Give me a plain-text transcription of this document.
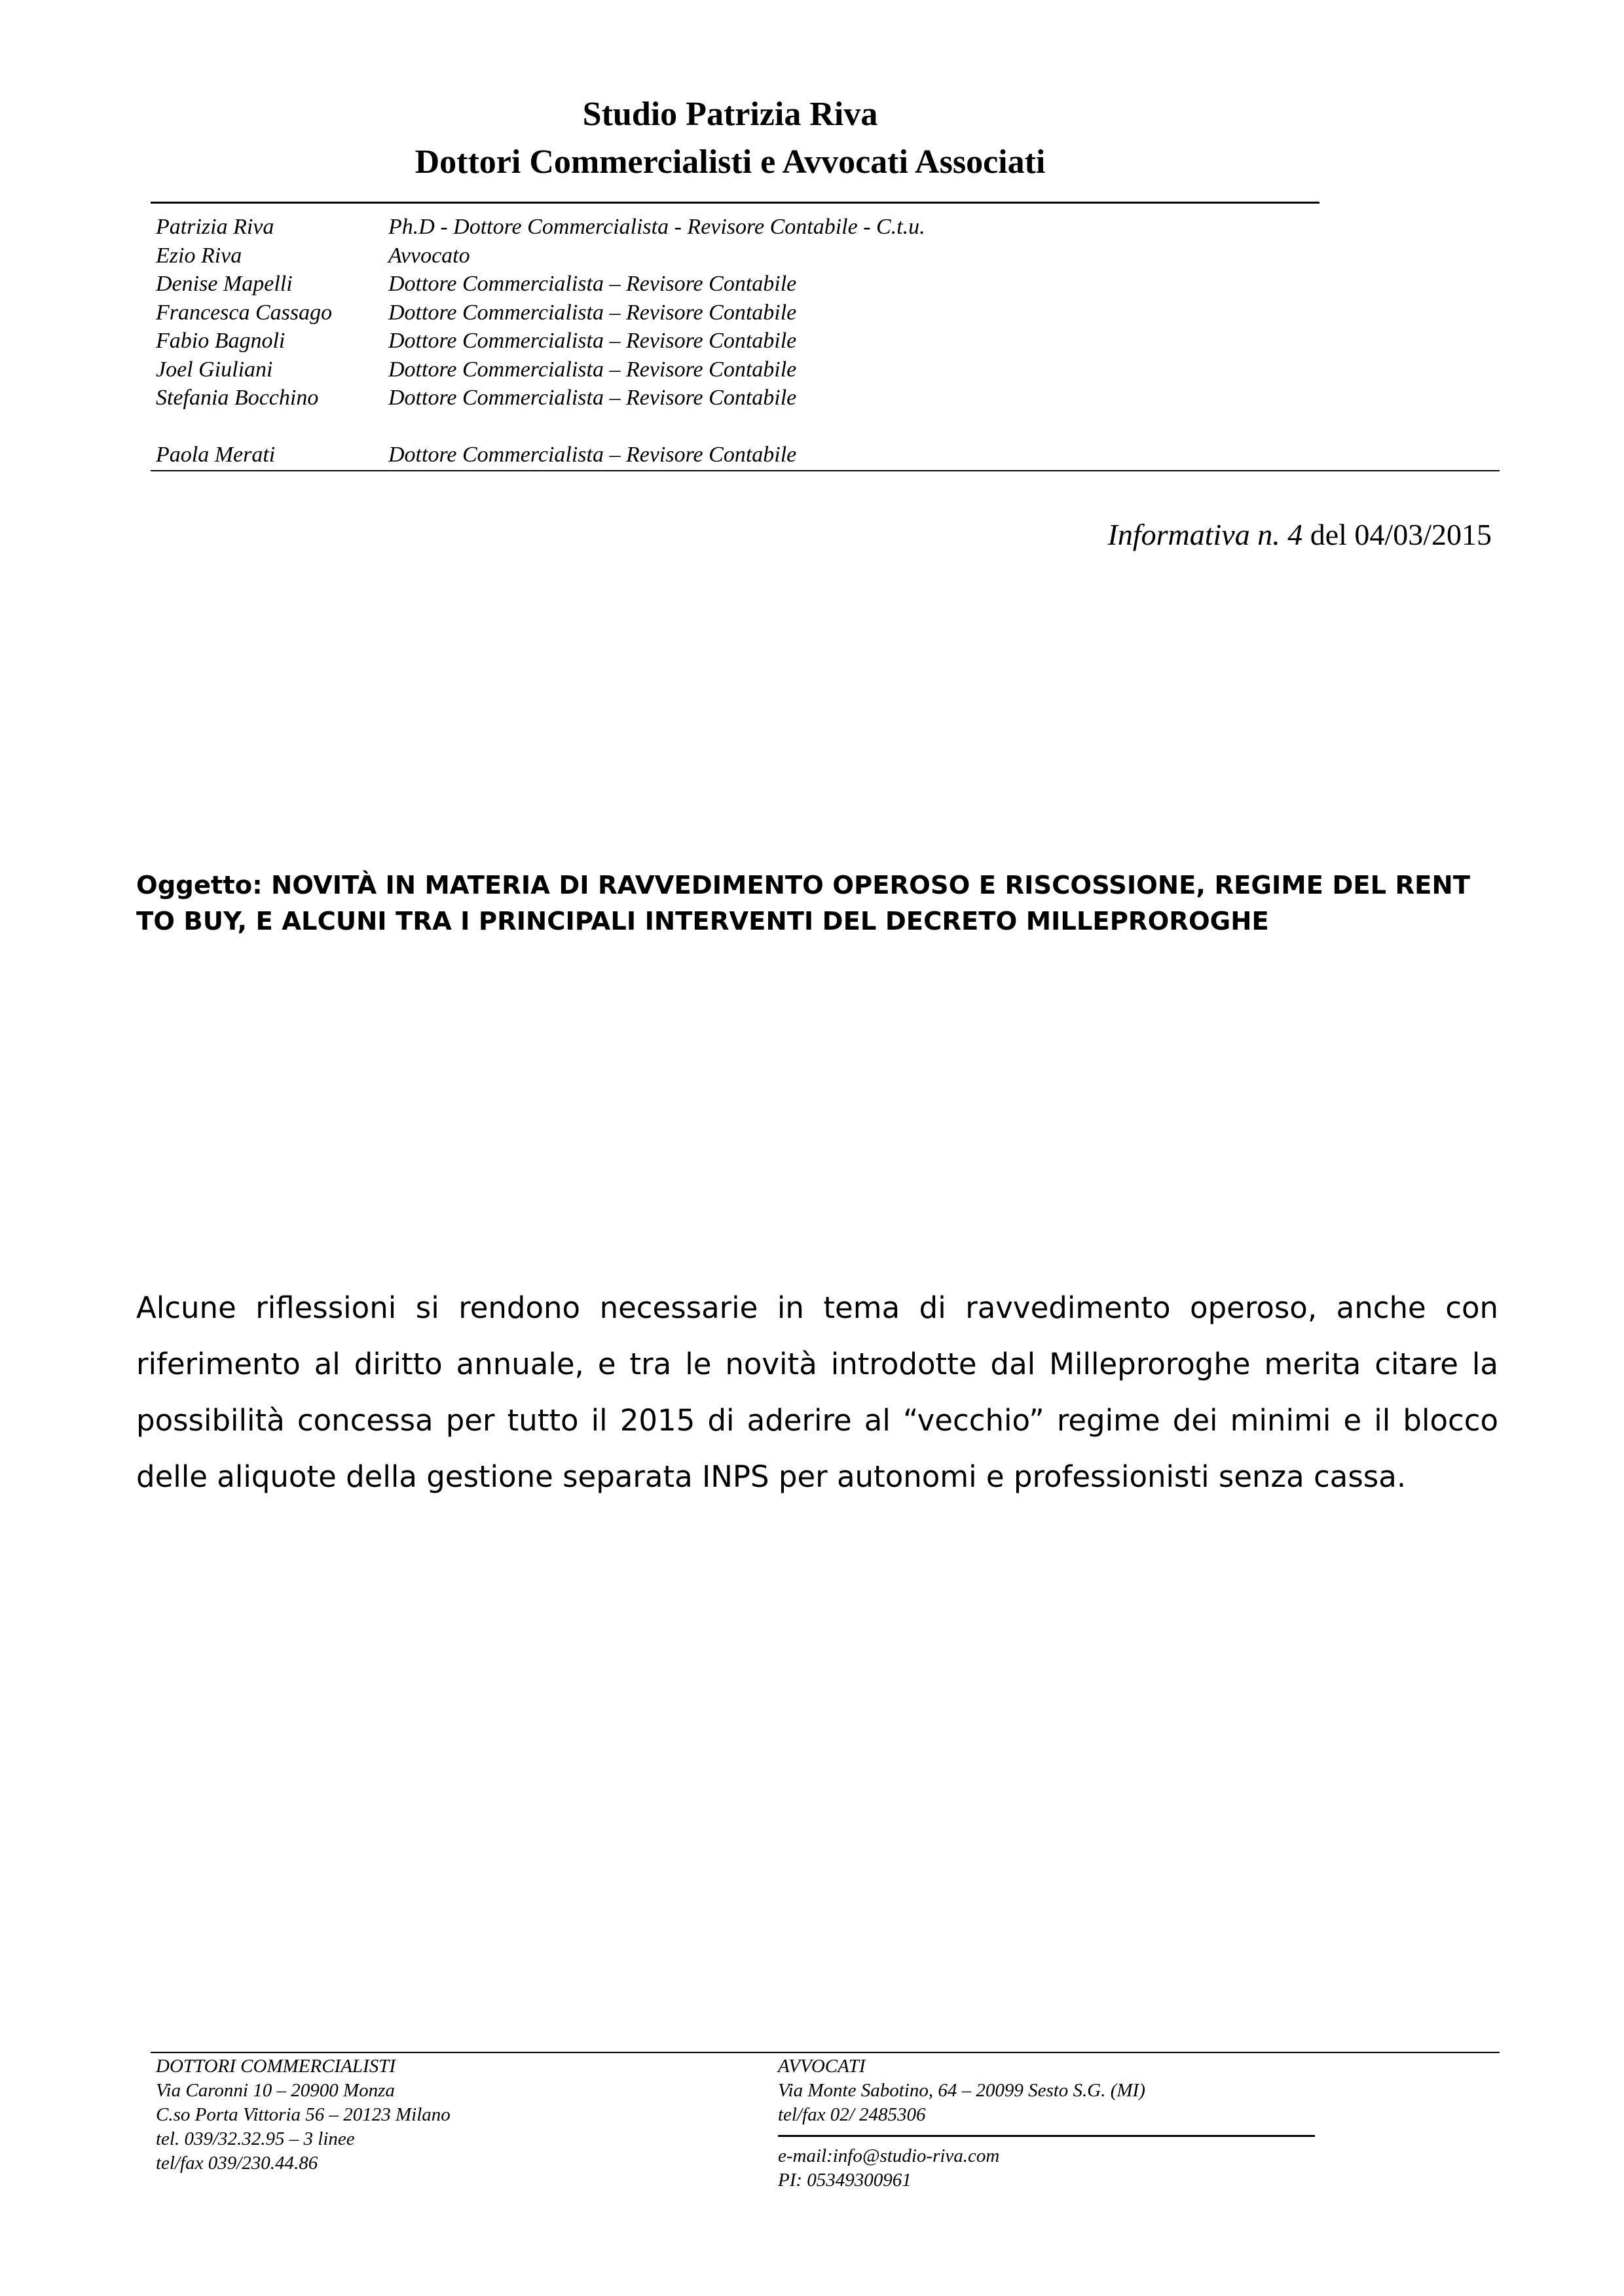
Studio Patrizia Riva
Dottori Commercialisti e Avvocati Associati
Patrizia Riva	Ph.D - Dottore Commercialista - Revisore Contabile - C.t.u.
Ezio Riva	Avvocato
Denise Mapelli	Dottore Commercialista – Revisore Contabile
Francesca Cassago	Dottore Commercialista – Revisore Contabile
Fabio Bagnoli	Dottore Commercialista – Revisore Contabile
Joel Giuliani	Dottore Commercialista – Revisore Contabile
Stefania Bocchino	Dottore Commercialista – Revisore Contabile
Paola Merati	Dottore Commercialista – Revisore Contabile
Informativa n. 4 del 04/03/2015
Oggetto: NOVITÀ IN MATERIA DI RAVVEDIMENTO OPEROSO E RISCOSSIONE, REGIME DEL RENT TO BUY, E ALCUNI TRA I PRINCIPALI INTERVENTI DEL DECRETO MILLEPROROGHE
Alcune riflessioni si rendono necessarie in tema di ravvedimento operoso, anche con riferimento al diritto annuale, e tra le novità introdotte dal Milleproroghe merita citare la possibilità concessa per tutto il 2015 di aderire al “vecchio” regime dei minimi e il blocco delle aliquote della gestione separata INPS per autonomi e professionisti senza cassa.
DOTTORI COMMERCIALISTI
Via Caronni 10 – 20900 Monza
C.so Porta Vittoria 56 – 20123 Milano
tel. 039/32.32.95 – 3 linee
tel/fax 039/230.44.86
AVVOCATI
Via Monte Sabotino, 64 – 20099 Sesto S.G. (MI)
tel/fax 02/ 2485306
e-mail:info@studio-riva.com
PI: 05349300961
